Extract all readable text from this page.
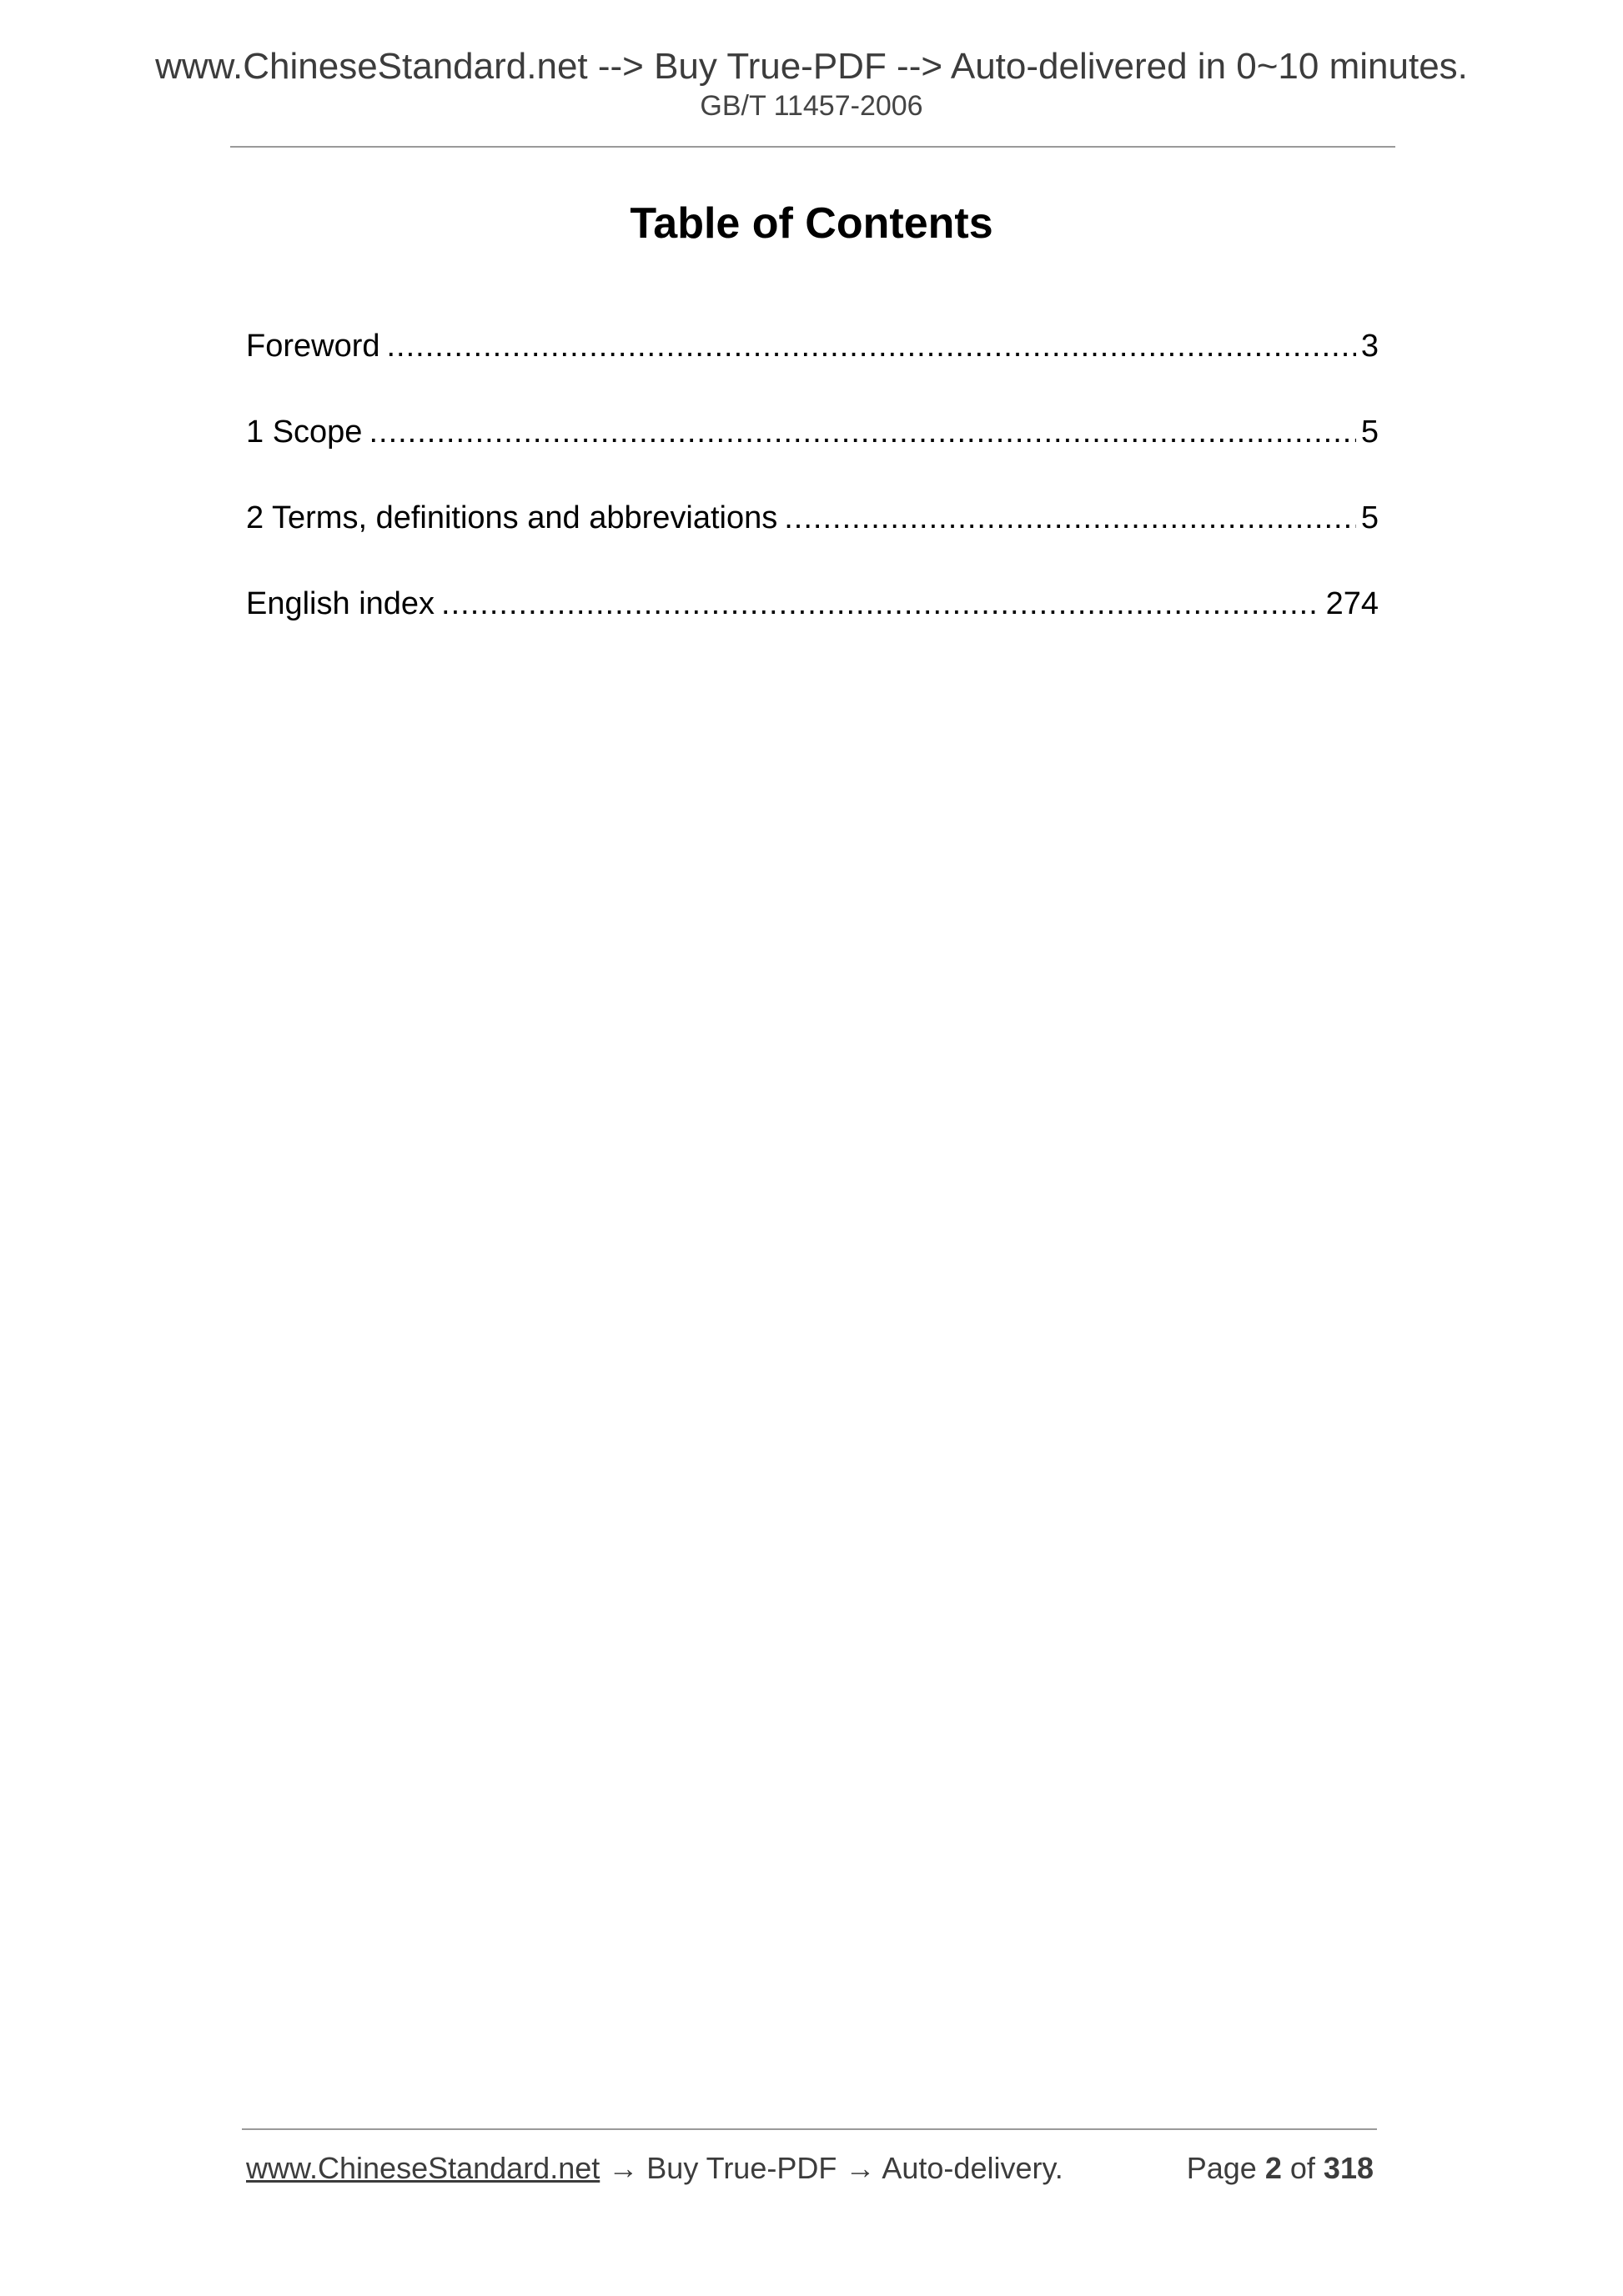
www.ChineseStandard.net --> Buy True-PDF --> Auto-delivered in 0~10 minutes.
GB/T 11457-2006
Table of Contents
Foreword .....	3
1 Scope .....	5
2 Terms, definitions and abbreviations .....	5
English index .....	274
www.ChineseStandard.net → Buy True-PDF → Auto-delivery.	Page 2 of 318
